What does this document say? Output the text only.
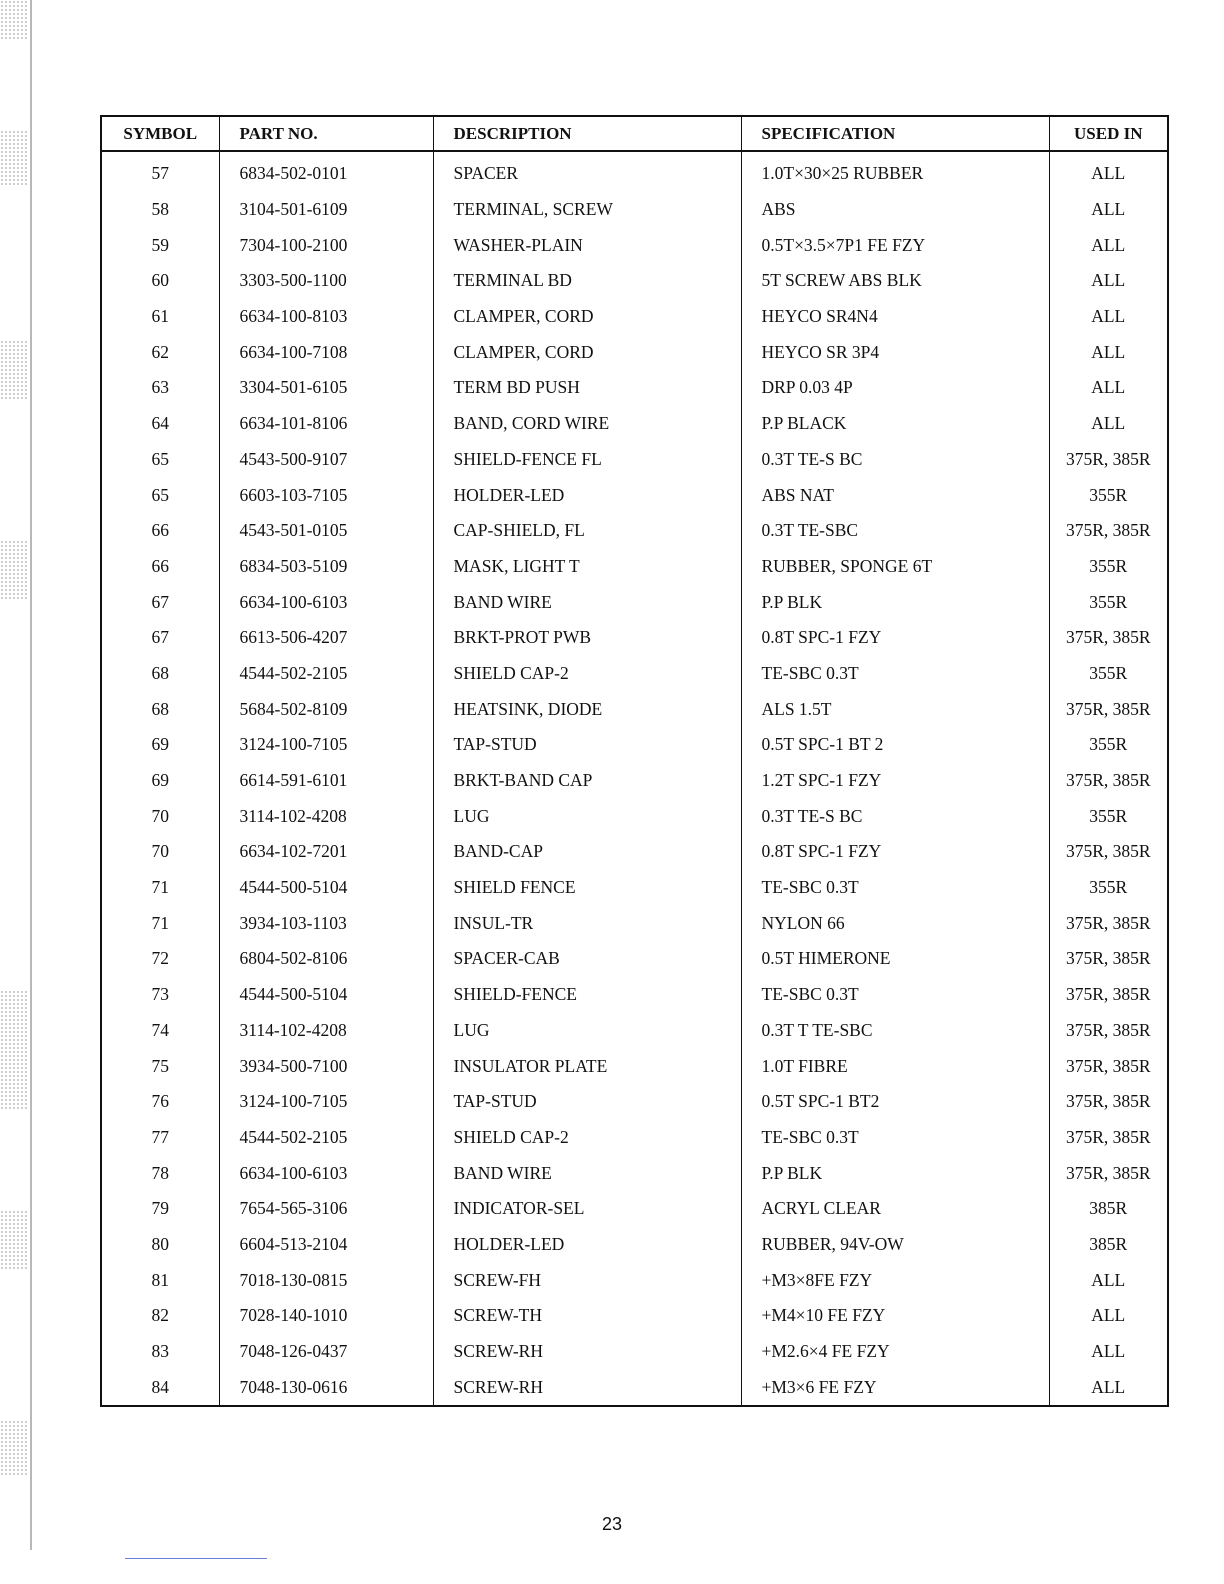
SYMBOL	PART NO.	DESCRIPTION	SPECIFICATION	USED IN
57	6834-502-0101	SPACER	1.0T×30×25 RUBBER	ALL
58	3104-501-6109	TERMINAL, SCREW	ABS	ALL
59	7304-100-2100	WASHER-PLAIN	0.5T×3.5×7P1 FE FZY	ALL
60	3303-500-1100	TERMINAL BD	5T SCREW ABS BLK	ALL
61	6634-100-8103	CLAMPER, CORD	HEYCO SR4N4	ALL
62	6634-100-7108	CLAMPER, CORD	HEYCO SR 3P4	ALL
63	3304-501-6105	TERM BD PUSH	DRP 0.03 4P	ALL
64	6634-101-8106	BAND, CORD WIRE	P.P BLACK	ALL
65	4543-500-9107	SHIELD-FENCE FL	0.3T TE-S BC	375R, 385R
65	6603-103-7105	HOLDER-LED	ABS NAT	355R
66	4543-501-0105	CAP-SHIELD, FL	0.3T TE-SBC	375R, 385R
66	6834-503-5109	MASK, LIGHT T	RUBBER, SPONGE 6T	355R
67	6634-100-6103	BAND WIRE	P.P BLK	355R
67	6613-506-4207	BRKT-PROT PWB	0.8T SPC-1 FZY	375R, 385R
68	4544-502-2105	SHIELD CAP-2	TE-SBC 0.3T	355R
68	5684-502-8109	HEATSINK, DIODE	ALS 1.5T	375R, 385R
69	3124-100-7105	TAP-STUD	0.5T SPC-1 BT 2	355R
69	6614-591-6101	BRKT-BAND CAP	1.2T SPC-1 FZY	375R, 385R
70	3114-102-4208	LUG	0.3T TE-S BC	355R
70	6634-102-7201	BAND-CAP	0.8T SPC-1 FZY	375R, 385R
71	4544-500-5104	SHIELD FENCE	TE-SBC 0.3T	355R
71	3934-103-1103	INSUL-TR	NYLON 66	375R, 385R
72	6804-502-8106	SPACER-CAB	0.5T HIMERONE	375R, 385R
73	4544-500-5104	SHIELD-FENCE	TE-SBC 0.3T	375R, 385R
74	3114-102-4208	LUG	0.3T T TE-SBC	375R, 385R
75	3934-500-7100	INSULATOR PLATE	1.0T FIBRE	375R, 385R
76	3124-100-7105	TAP-STUD	0.5T SPC-1 BT2	375R, 385R
77	4544-502-2105	SHIELD CAP-2	TE-SBC 0.3T	375R, 385R
78	6634-100-6103	BAND WIRE	P.P BLK	375R, 385R
79	7654-565-3106	INDICATOR-SEL	ACRYL CLEAR	385R
80	6604-513-2104	HOLDER-LED	RUBBER, 94V-OW	385R
81	7018-130-0815	SCREW-FH	+M3×8FE FZY	ALL
82	7028-140-1010	SCREW-TH	+M4×10 FE FZY	ALL
83	7048-126-0437	SCREW-RH	+M2.6×4 FE FZY	ALL
84	7048-130-0616	SCREW-RH	+M3×6 FE FZY	ALL
23
